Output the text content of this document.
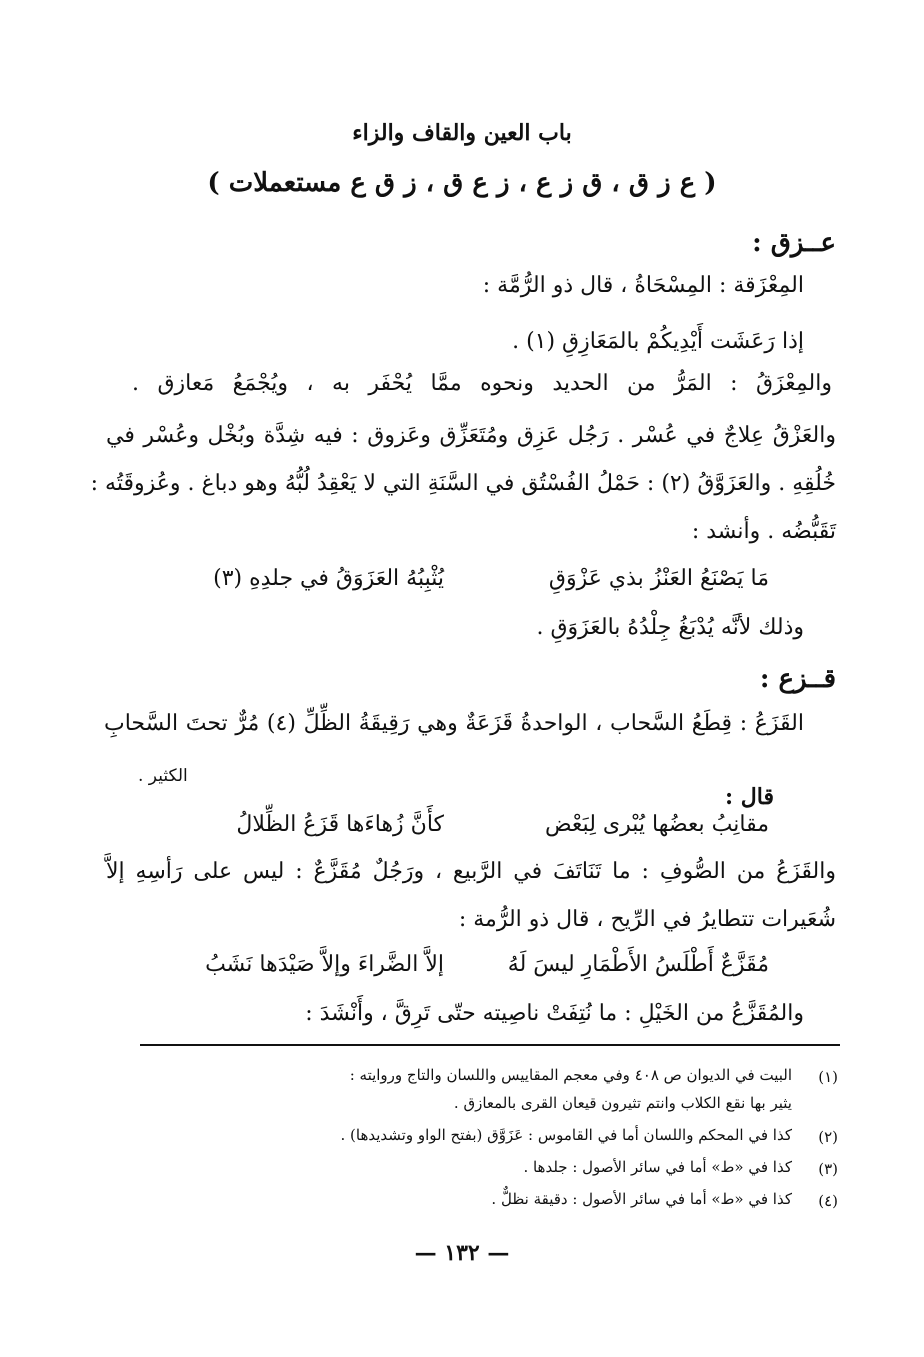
باب العين والقاف والزاء
( ع ز ق ، ق ز ع ، ز ع ق ، ز ق ع مستعملات )
عــزق :
المِعْزَقة : المِسْحَاةُ ، قال ذو الرُّمَّة :
إذا رَعَشَت أَيْدِيكُمْ بالمَعَازِقِ (١) .
والمِعْزَقُ : المَرُّ من الحديد ونحوه ممَّا يُحْفَر به ، ويُجْمَعُ مَعازق .
والعَزْقُ عِلاجٌ في عُسْر . رَجُل عَزِق ومُتَعَزِّق وعَزوق : فيه شِدَّة وبُخْل وعُسْر في
خُلُقِهِ . والعَزَوَّقُ (٢) : حَمْلُ الفُسْتُق في السَّنَةِ التي لا يَعْقِدُ لُبُّهُ وهو دباغ . وعُزوقَتُه :
تَقَبُّضُه . وأنشد :
مَا يَصْنَعُ العَنْزُ بذي عَزْوَقِ
يُثْبِبُهُ العَزَوَقُ في جلدِهِ (٣)
وذلك لأنَّه يُدْبَغُ جِلْدُهُ بالعَزَوَقِ .
قــزع :
القَزَعُ : قِطَعُ السَّحاب ، الواحدةُ قَزَعَةٌ وهي رَقِيقَةُ الظِّلِّ (٤) مُرٌّ تحتَ السَّحابِ
الكثير .
قال :
مقانِبُ بعضُها يُبْرى لِبَعْض
كأَنَّ زُهاءَها قَزَعُ الظِّلالُ
والقَزَعُ من الصُّوفِ : ما تَنَاتَفَ في الرَّبيع ، ورَجُلٌ مُقَزَّعٌ : ليس على رَأسِهِ إلاَّ
شُعَيرات تتطايرُ في الرِّيح ، قال ذو الرُّمة :
مُقَزَّعٌ أَطْلَسُ الأَطْمَارِ ليسَ لَهُ
إلاَّ الضَّراءَ وإلاَّ صَيْدَها نَشَبُ
والمُقَزَّعُ من الخَيْلِ : ما نُتِفَتْ ناصِيته حتّى تَرِقَّ ، وأَنْشَدَ :
(١)
البيت في الديوان ص ٤٠٨ وفي معجم المقاييس واللسان والتاج وروايته :
يثير بها نقع الكلاب وانتم تثيرون قيعان القرى بالمعازق .
(٢)
كذا في المحكم واللسان أما في القاموس : عَزَوَّق (بفتح الواو وتشديدها) .
(٣)
كذا في «ط» أما في سائر الأصول : جلدها .
(٤)
كذا في «ط» أما في سائر الأصول : دقيقة نظلٌّ .
— ١٣٢ —
